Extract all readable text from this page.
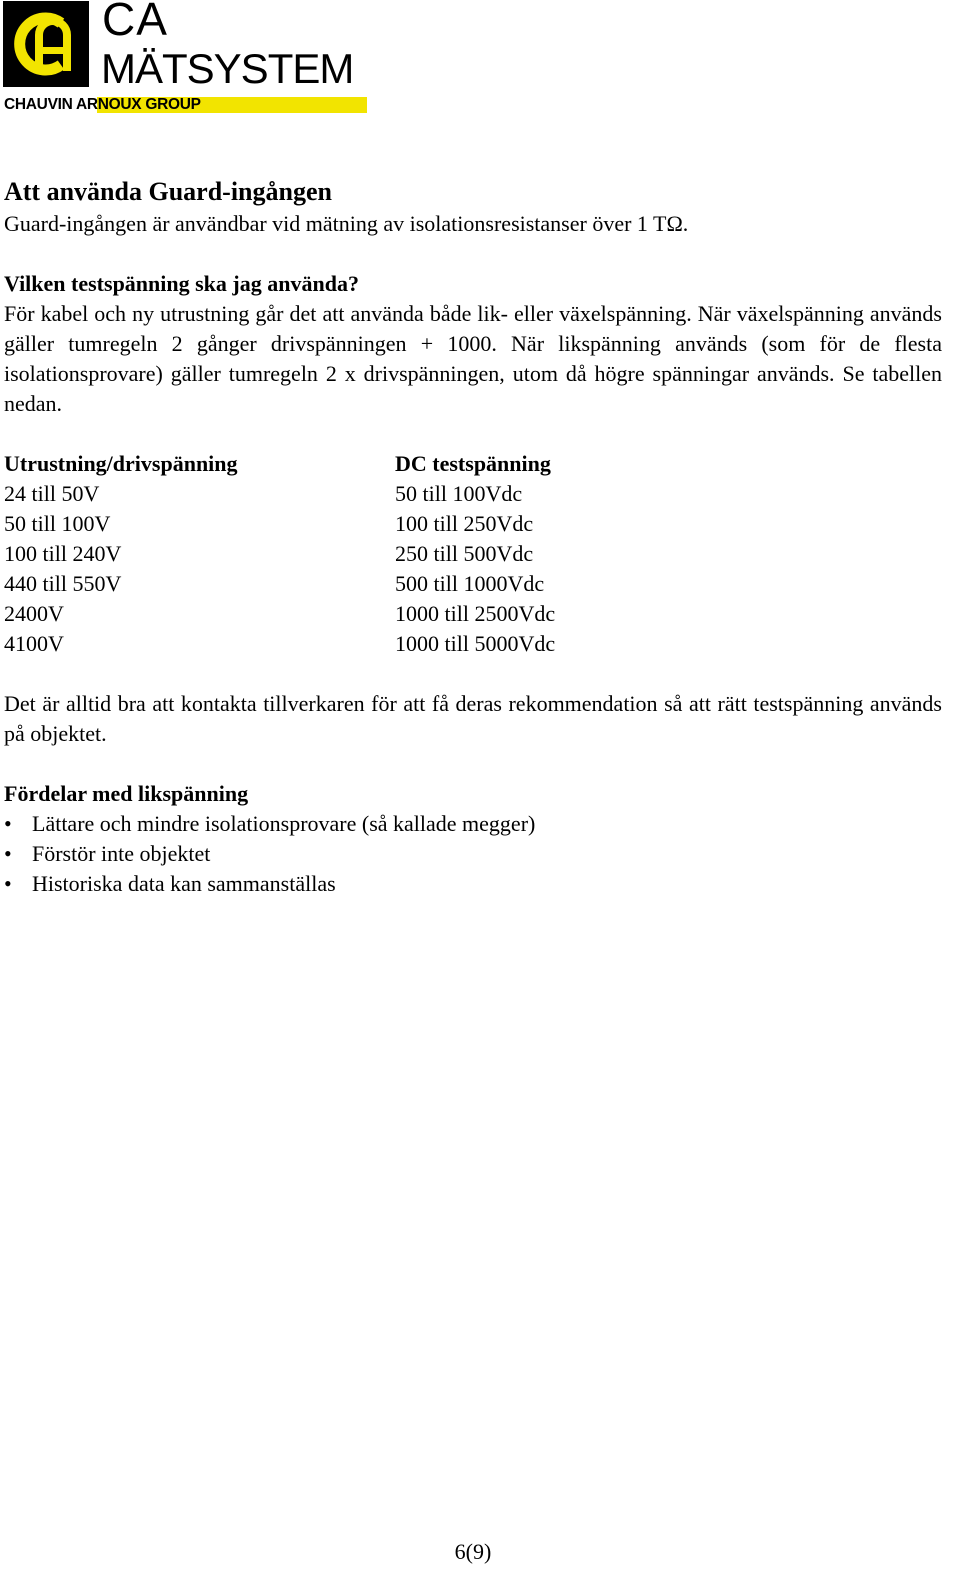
CA
MÄTSYSTEM
CHAUVIN ARNOUX GROUP
Att använda Guard-ingången

Guard-ingången är användbar vid mätning av isolationsresistanser över 1 TΩ.

Vilken testspänning ska jag använda?

För kabel och ny utrustning går det att använda både lik- eller växelspänning. När växelspänning används gäller tumregeln 2 gånger drivspänningen + 1000. När likspänning används (som för de flesta isolationsprovare) gäller tumregeln 2 x drivspänningen, utom då högre spänningar används. Se tabellen nedan.

Utrustning/drivspänning	DC testspänning
24 till 50V	50 till 100Vdc
50 till 100V	100 till 250Vdc
100 till 240V	250 till 500Vdc
440 till 550V	500 till 1000Vdc
2400V	1000 till 2500Vdc
4100V	1000 till 5000Vdc

Det är alltid bra att kontakta tillverkaren för att få deras rekommendation så att rätt testspänning används på objektet.

Fördelar med likspänning

• Lättare och mindre isolationsprovare (så kallade megger)
• Förstör inte objektet
• Historiska data kan sammanställas
6(9)
